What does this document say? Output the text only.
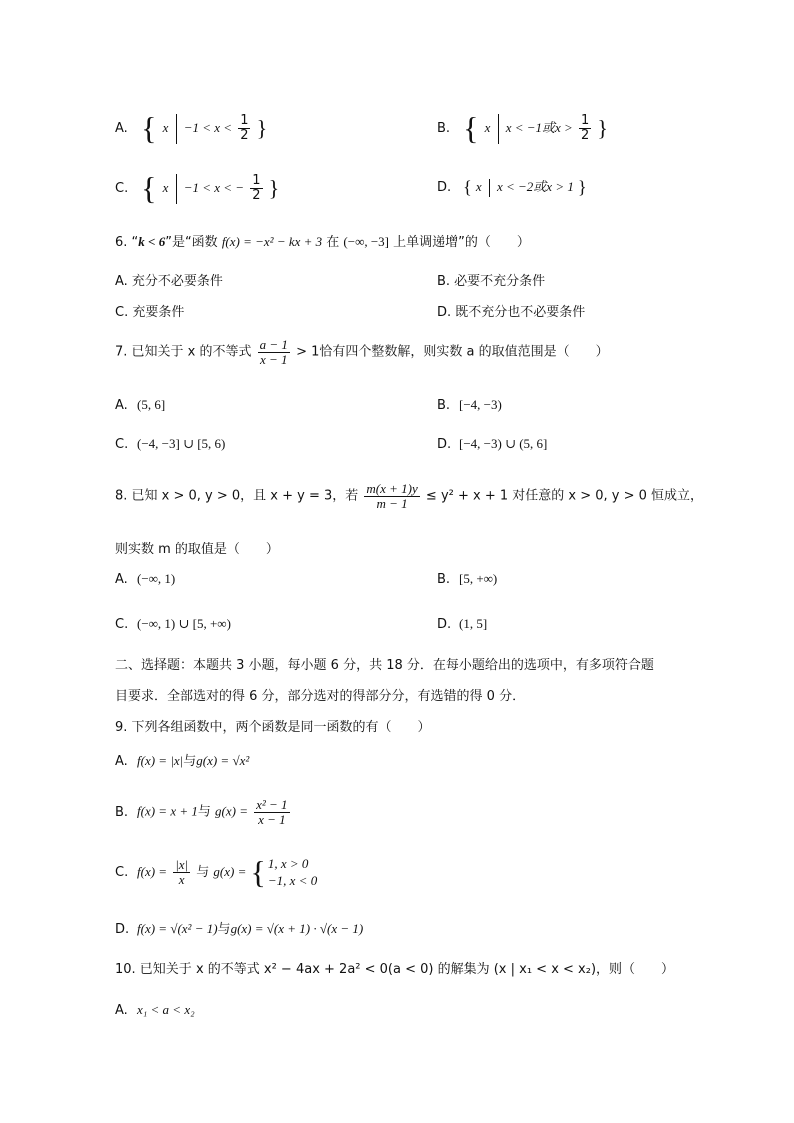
A. { $x -1 < x < \frac{1}{2}$ }	B. { x x < −1或$x > \frac{1}{2}$ }
C. { x −1 < x < − $\frac{1}{2}$ }	D. { x x < −2或x > 1 }
6. “k < 6”是“函数 f(x) = −x² − kx + 3 在 (−∞, −3] 上单调递增”的（　　）
A. 充分不必要条件	B. 必要不充分条件
C. 充要条件	D. 既不充分也不必要条件
7. 已知关于 x 的不等式 $\frac{a - 1}{x - 1} > 1$恰有四个整数解，则实数 a 的取值范围是（　　）
A. (5, 6]	B. [−4, −3)
C. (−4, −3] ∪ [5, 6)	D. [−4, −3) ∪ (5, 6]
8. 已知 x > 0, y > 0，且 x + y = 3，若 $\frac{m(x + 1)y}{m - 1} \le y^2 + x + 1$ 对任意的 x > 0, y > 0 恒成立，
则实数 m 的取值是（　　）
A. (−∞, 1)	B. [5, +∞)
C. (−∞, 1) ∪ [5, +∞)	D. (1, 5]
二、选择题：本题共 3 小题，每小题 6 分，共 18 分．在每小题给出的选项中，有多项符合题
目要求．全部选对的得 6 分，部分选对的得部分分，有选错的得 0 分．
9. 下列各组函数中，两个函数是同一函数的有（　　）
A. f(x) = |x|与g(x) = √x²
B. f(x) = x + 1与 $g(x) = \frac{\text{x² − 1}}{x - 1}$
C. $f(x) = \frac{|x|}{x}$ 与 g(x) = { 1, x > 0
−1, x < 0
D. f(x) = √(x² − 1)与g(x) = √(x + 1) · √(x − 1)
10. 已知关于 x 的不等式 x² − 4ax + 2a² < 0(a < 0) 的解集为 (x | x₁ < x < x₂)，则（　　）
A. x₁ < a < x₂
